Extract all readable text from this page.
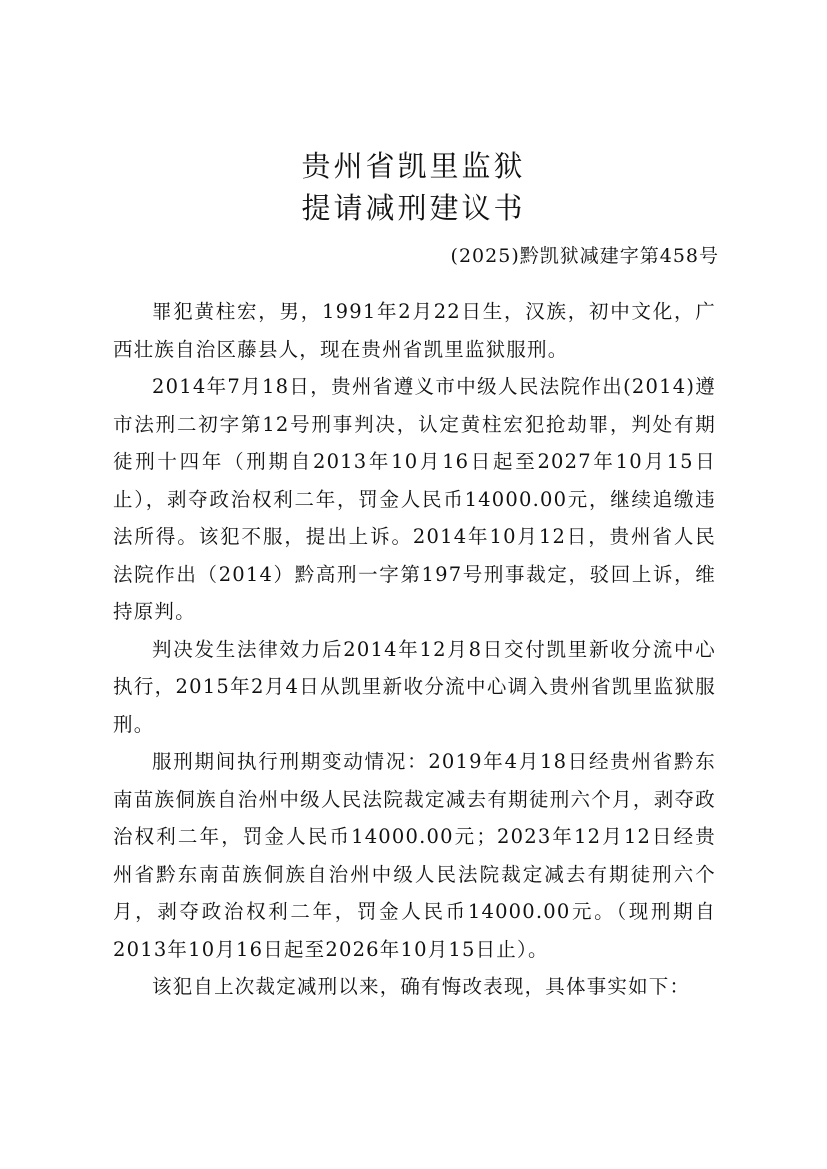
贵州省凯里监狱
提请减刑建议书
(2025)黔凯狱减建字第458号

罪犯黄柱宏，男，1991年2月22日生，汉族，初中文化，广西壮族自治区藤县人，现在贵州省凯里监狱服刑。

2014年7月18日，贵州省遵义市中级人民法院作出(2014)遵市法刑二初字第12号刑事判决，认定黄柱宏犯抢劫罪，判处有期徒刑十四年（刑期自2013年10月16日起至2027年10月15日止），剥夺政治权利二年，罚金人民币14000.00元，继续追缴违法所得。该犯不服，提出上诉。2014年10月12日，贵州省人民法院作出（2014）黔高刑一字第197号刑事裁定，驳回上诉，维持原判。

判决发生法律效力后2014年12月8日交付凯里新收分流中心执行，2015年2月4日从凯里新收分流中心调入贵州省凯里监狱服刑。

服刑期间执行刑期变动情况：2019年4月18日经贵州省黔东南苗族侗族自治州中级人民法院裁定减去有期徒刑六个月，剥夺政治权利二年，罚金人民币14000.00元；2023年12月12日经贵州省黔东南苗族侗族自治州中级人民法院裁定减去有期徒刑六个月，剥夺政治权利二年，罚金人民币14000.00元。（现刑期自2013年10月16日起至2026年10月15日止）。

该犯自上次裁定减刑以来，确有悔改表现，具体事实如下：
